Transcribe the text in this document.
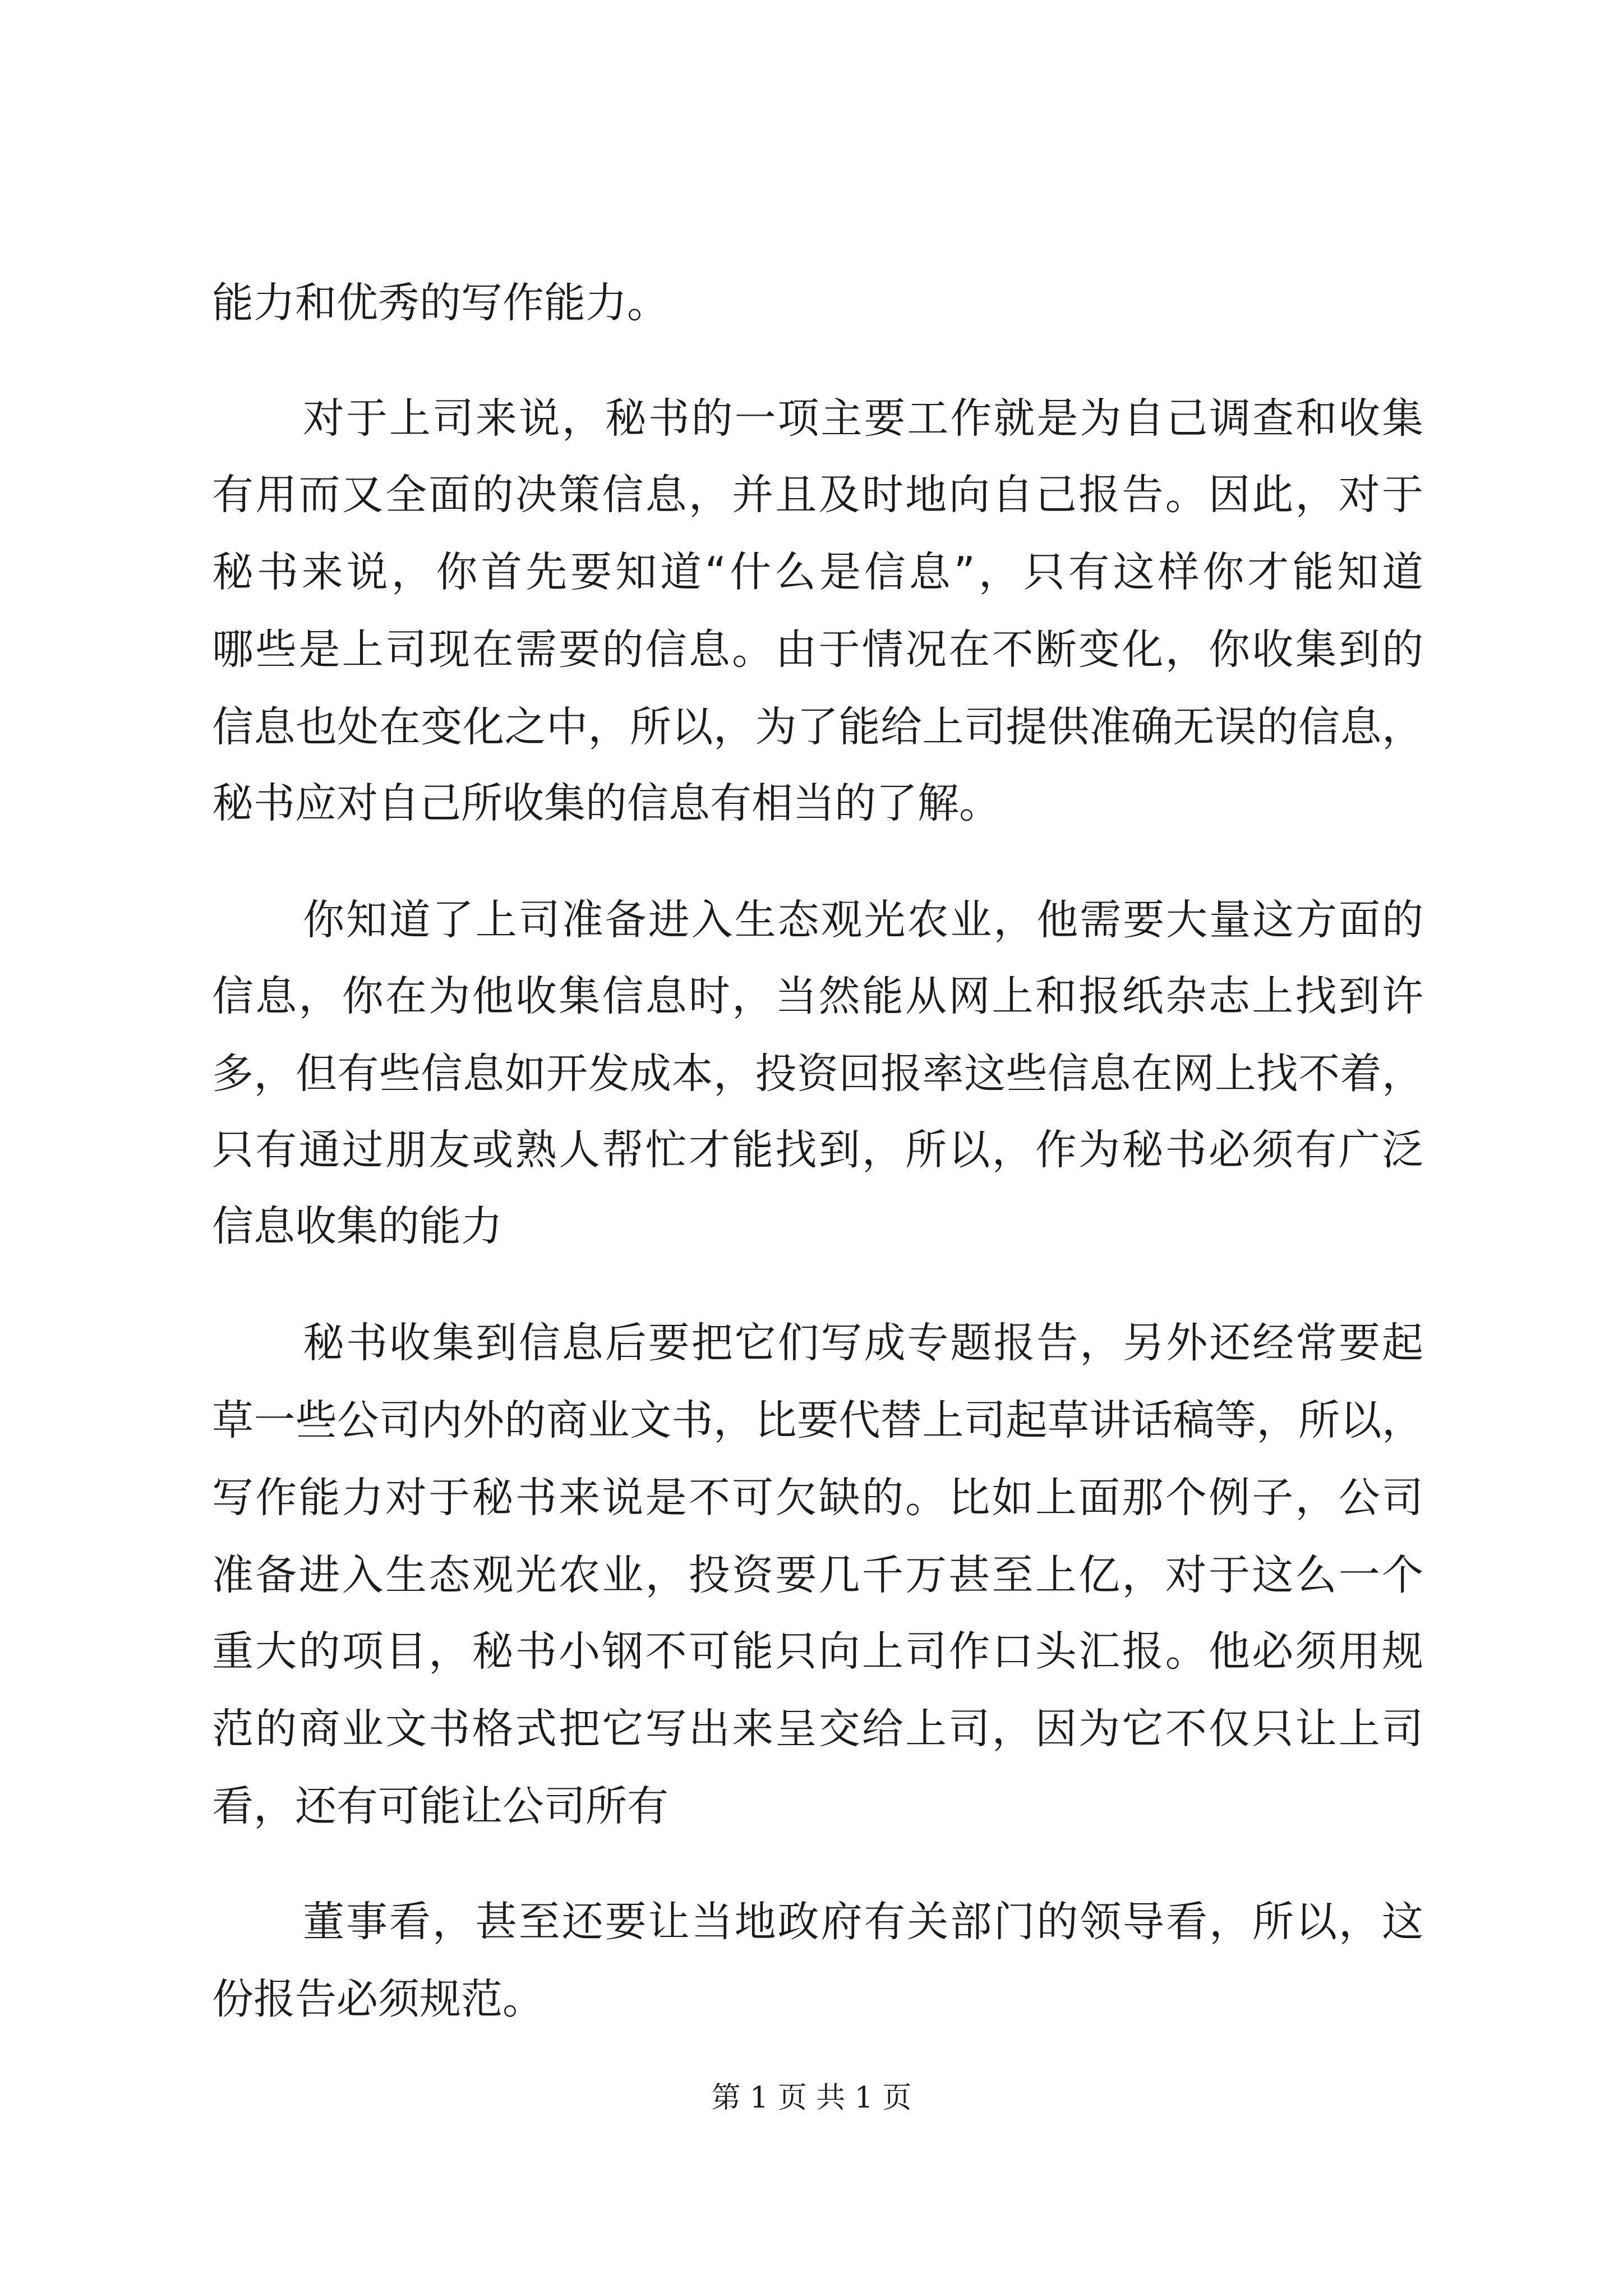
能力和优秀的写作能力。
对于上司来说，秘书的一项主要工作就是为自己调查和收集
有用而又全面的决策信息，并且及时地向自己报告。因此，对于
秘书来说，你首先要知道“什么是信息”，只有这样你才能知道
哪些是上司现在需要的信息。由于情况在不断变化，你收集到的
信息也处在变化之中，所以，为了能给上司提供准确无误的信息，
秘书应对自己所收集的信息有相当的了解。
你知道了上司准备进入生态观光农业，他需要大量这方面的
信息，你在为他收集信息时，当然能从网上和报纸杂志上找到许
多，但有些信息如开发成本，投资回报率这些信息在网上找不着，
只有通过朋友或熟人帮忙才能找到，所以，作为秘书必须有广泛
信息收集的能力
秘书收集到信息后要把它们写成专题报告，另外还经常要起
草一些公司内外的商业文书，比要代替上司起草讲话稿等，所以，
写作能力对于秘书来说是不可欠缺的。比如上面那个例子，公司
准备进入生态观光农业，投资要几千万甚至上亿，对于这么一个
重大的项目，秘书小钢不可能只向上司作口头汇报。他必须用规
范的商业文书格式把它写出来呈交给上司，因为它不仅只让上司
看，还有可能让公司所有
董事看，甚至还要让当地政府有关部门的领导看，所以，这
份报告必须规范。
第 1 页 共 1 页
